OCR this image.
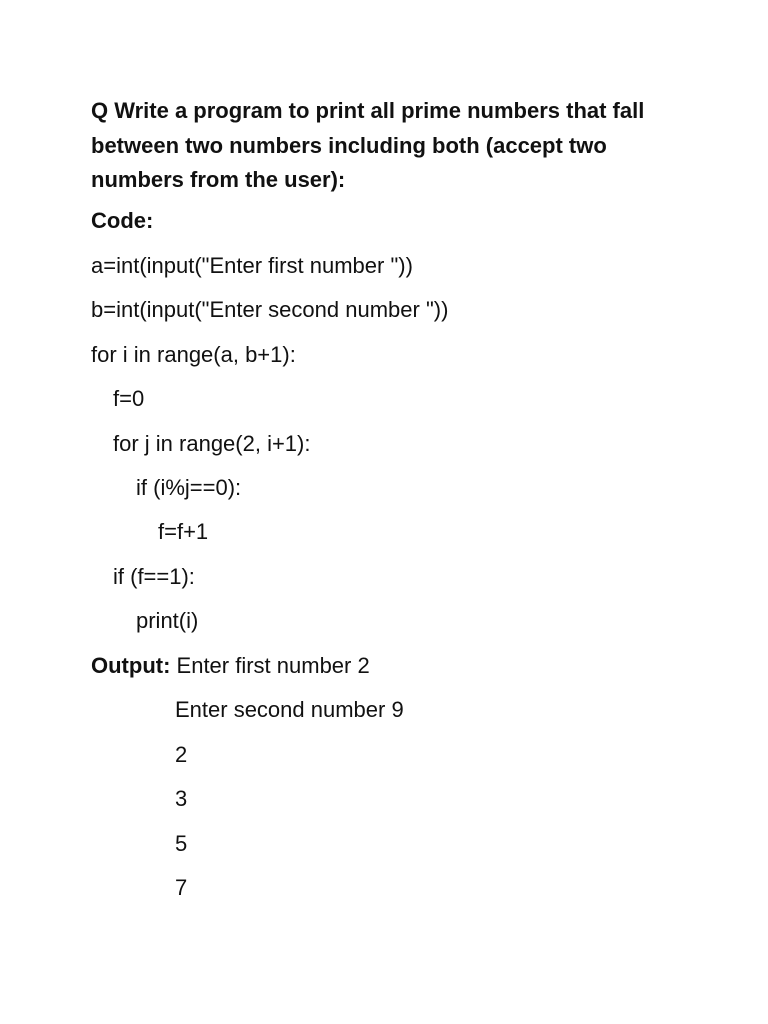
Q Write a program to print all prime numbers that fall between two numbers including both (accept two numbers from the user):

Code:

a=int(input("Enter first number "))

b=int(input("Enter second number "))

for i in range(a, b+1):

f=0

for j in range(2, i+1):

if (i%j==0):

f=f+1

if (f==1):

print(i)

Output: Enter first number 2

Enter second number 9

2

3

5

7
